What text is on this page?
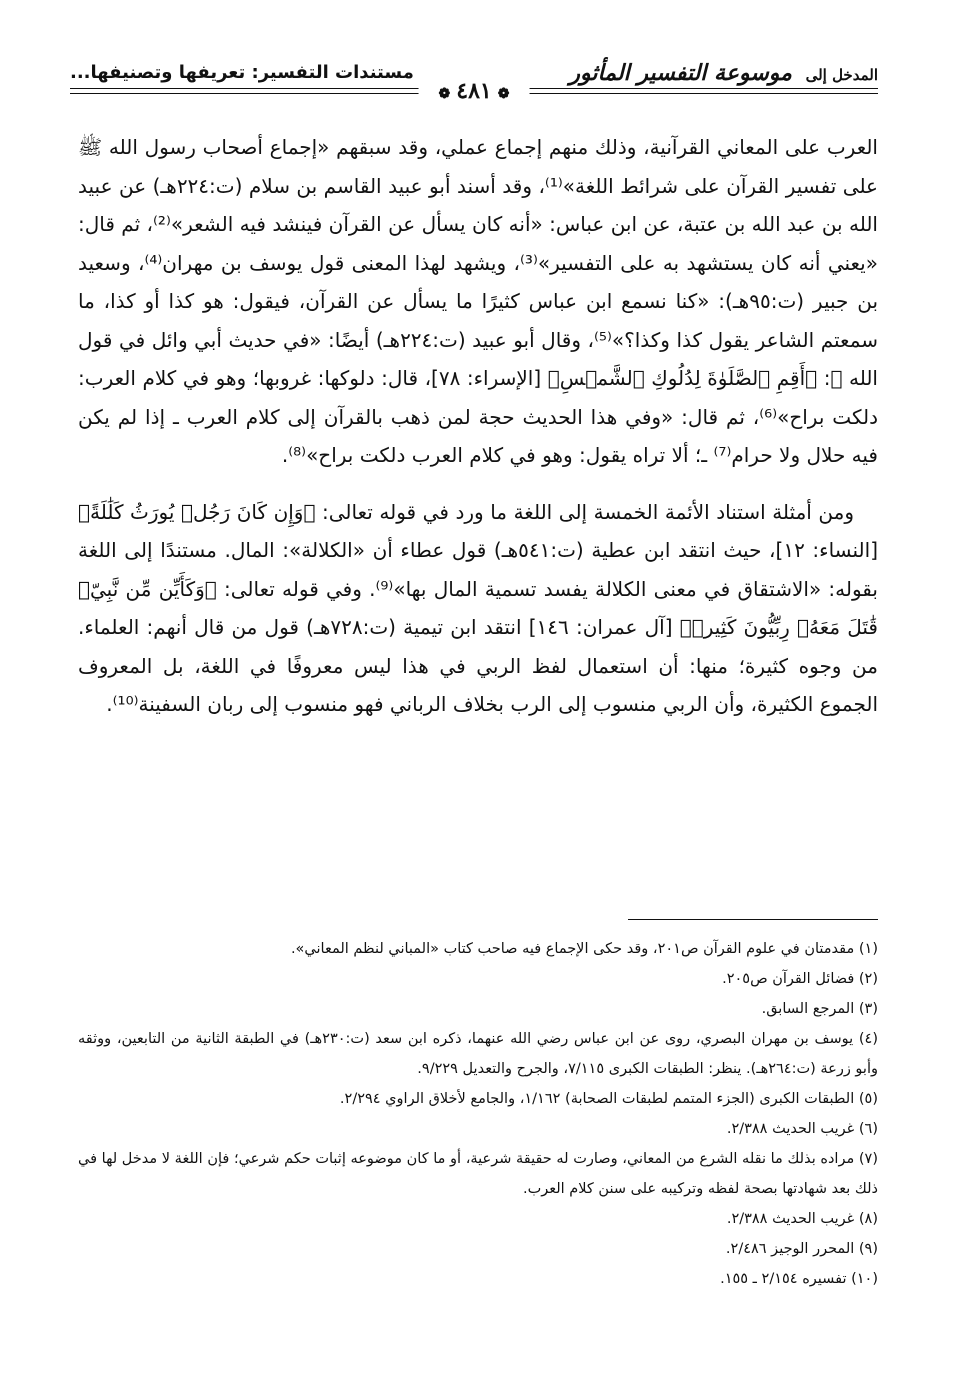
المدخل إلى موسوعة التفسير المأثور
مستندات التفسير: تعريفها وتصنيفها...
❁٤٨١❁

العرب على المعاني القرآنية، وذلك منهم إجماع عملي، وقد سبقهم «إجماع أصحاب رسول الله ﷺ على تفسير القرآن على شرائط اللغة»⁽¹⁾، وقد أسند أبو عبيد القاسم بن سلام (ت:٢٢٤هـ) عن عبيد الله بن عبد الله بن عتبة، عن ابن عباس: «أنه كان يسأل عن القرآن فينشد فيه الشعر»⁽²⁾، ثم قال: «يعني أنه كان يستشهد به على التفسير»⁽³⁾، ويشهد لهذا المعنى قول يوسف بن مهران⁽⁴⁾، وسعيد بن جبير (ت:٩٥هـ): «كنا نسمع ابن عباس كثيرًا ما يسأل عن القرآن، فيقول: هو كذا أو كذا، ما سمعتم الشاعر يقول كذا وكذا؟»⁽⁵⁾، وقال أبو عبيد (ت:٢٢٤هـ) أيضًا: «في حديث أبي وائل في قول الله ﷻ: ﴿أَقِمِ ٱلصَّلَوٰةَ لِدُلُوكِ ٱلشَّمۡسِ﴾ [الإسراء: ٧٨]، قال: دلوكها: غروبها؛ وهو في كلام العرب: دلكت براح»⁽⁶⁾، ثم قال: «وفي هذا الحديث حجة لمن ذهب بالقرآن إلى كلام العرب ـ إذا لم يكن فيه حلال ولا حرام⁽⁷⁾ ـ؛ ألا تراه يقول: وهو في كلام العرب دلكت براح»⁽⁸⁾.

ومن أمثلة استناد الأئمة الخمسة إلى اللغة ما ورد في قوله تعالى: ﴿وَإِن كَانَ رَجُلٞ يُورَثُ كَلَٰلَةً﴾ [النساء: ١٢]، حيث انتقد ابن عطية (ت:٥٤١هـ) قول عطاء أن «الكلالة»: المال. مستندًا إلى اللغة بقوله: «الاشتقاق في معنى الكلالة يفسد تسمية المال بها»⁽⁹⁾. وفي قوله تعالى: ﴿وَكَأَيِّن مِّن نَّبِيّٖ قَٰتَلَ مَعَهُۥ رِبِّيُّونَ كَثِيرٞ﴾ [آل عمران: ١٤٦] انتقد ابن تيمية (ت:٧٢٨هـ) قول من قال أنهم: العلماء. من وجوه كثيرة؛ منها: أن استعمال لفظ الربي في هذا ليس معروفًا في اللغة، بل المعروف الجموع الكثيرة، وأن الربي منسوب إلى الرب بخلاف الرباني فهو منسوب إلى ربان السفينة⁽¹⁰⁾.

(١) مقدمتان في علوم القرآن ص٢٠١، وقد حكى الإجماع فيه صاحب كتاب «المباني لنظم المعاني».

(٢) فضائل القرآن ص٢٠٥.

(٣) المرجع السابق.

(٤) يوسف بن مهران البصري، روى عن ابن عباس رضي الله عنهما، ذكره ابن سعد (ت:٢٣٠هـ) في الطبقة الثانية من التابعين، ووثقه وأبو زرعة (ت:٢٦٤هـ). ينظر: الطبقات الكبرى ٧/١١٥، والجرح والتعديل ٩/٢٢٩.

(٥) الطبقات الكبرى (الجزء المتمم لطبقات الصحابة) ١/١٦٢، والجامع لأخلاق الراوي ٢/٢٩٤.

(٦) غريب الحديث ٢/٣٨٨.

(٧) مراده بذلك ما نقله الشرع من المعاني، وصارت له حقيقة شرعية، أو ما كان موضوعه إثبات حكم شرعي؛ فإن اللغة لا مدخل لها في ذلك بعد شهادتها بصحة لفظه وتركيبه على سنن كلام العرب.

(٨) غريب الحديث ٢/٣٨٨.

(٩) المحرر الوجيز ٢/٤٨٦.

(١٠) تفسيره ٢/١٥٤ ـ ١٥٥.
